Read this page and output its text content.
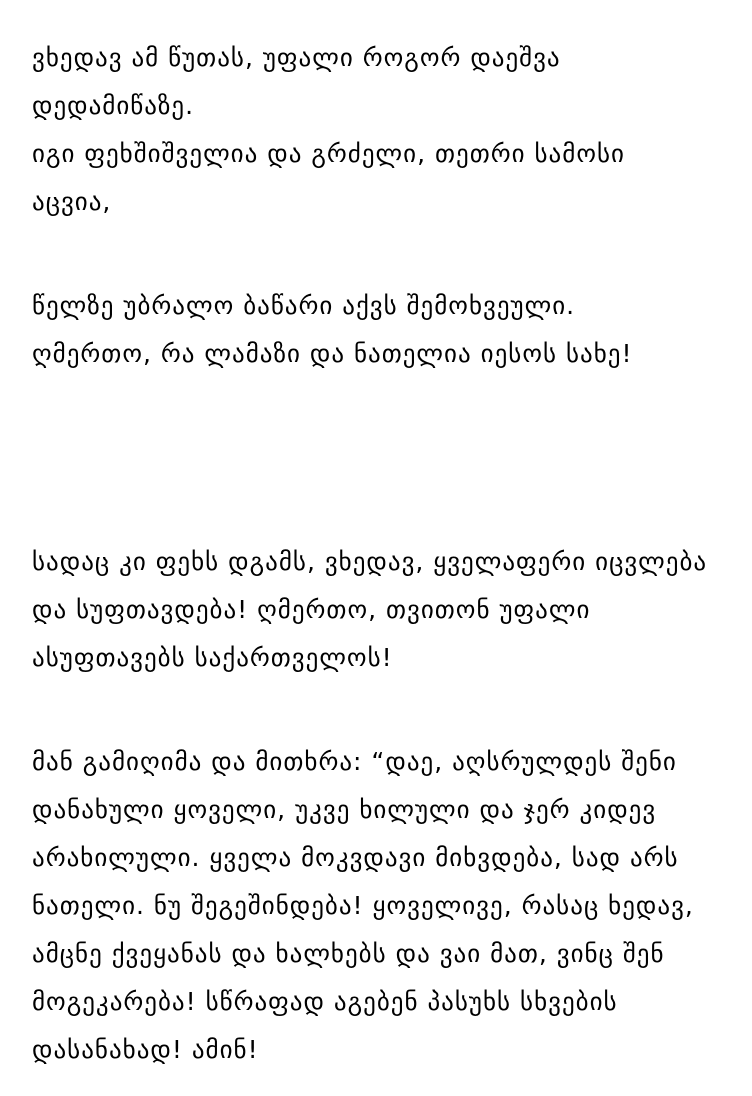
ვხედავ ამ წუთას, უფალი როგორ დაეშვა
დედამიწაზე.
იგი ფეხშიშველია და გრძელი, თეთრი სამოსი
აცვია,
წელზე უბრალო ბაწარი აქვს შემოხვეული.
ღმერთო, რა ლამაზი და ნათელია იესოს სახე!
სადაც კი ფეხს დგამს, ვხედავ, ყველაფერი იცვლება
და სუფთავდება! ღმერთო, თვითონ უფალი
ასუფთავებს საქართველოს!
მან გამიღიმა და მითხრა: “დაე, აღსრულდეს შენი
დანახული ყოველი, უკვე ხილული და ჯერ კიდევ
არახილული. ყველა მოკვდავი მიხვდება, სად არს
ნათელი. ნუ შეგეშინდება! ყოველივე, რასაც ხედავ,
ამცნე ქვეყანას და ხალხებს და ვაი მათ, ვინც შენ
მოგეკარება! სწრაფად აგებენ პასუხს სხვების
დასანახად! ამინ!
